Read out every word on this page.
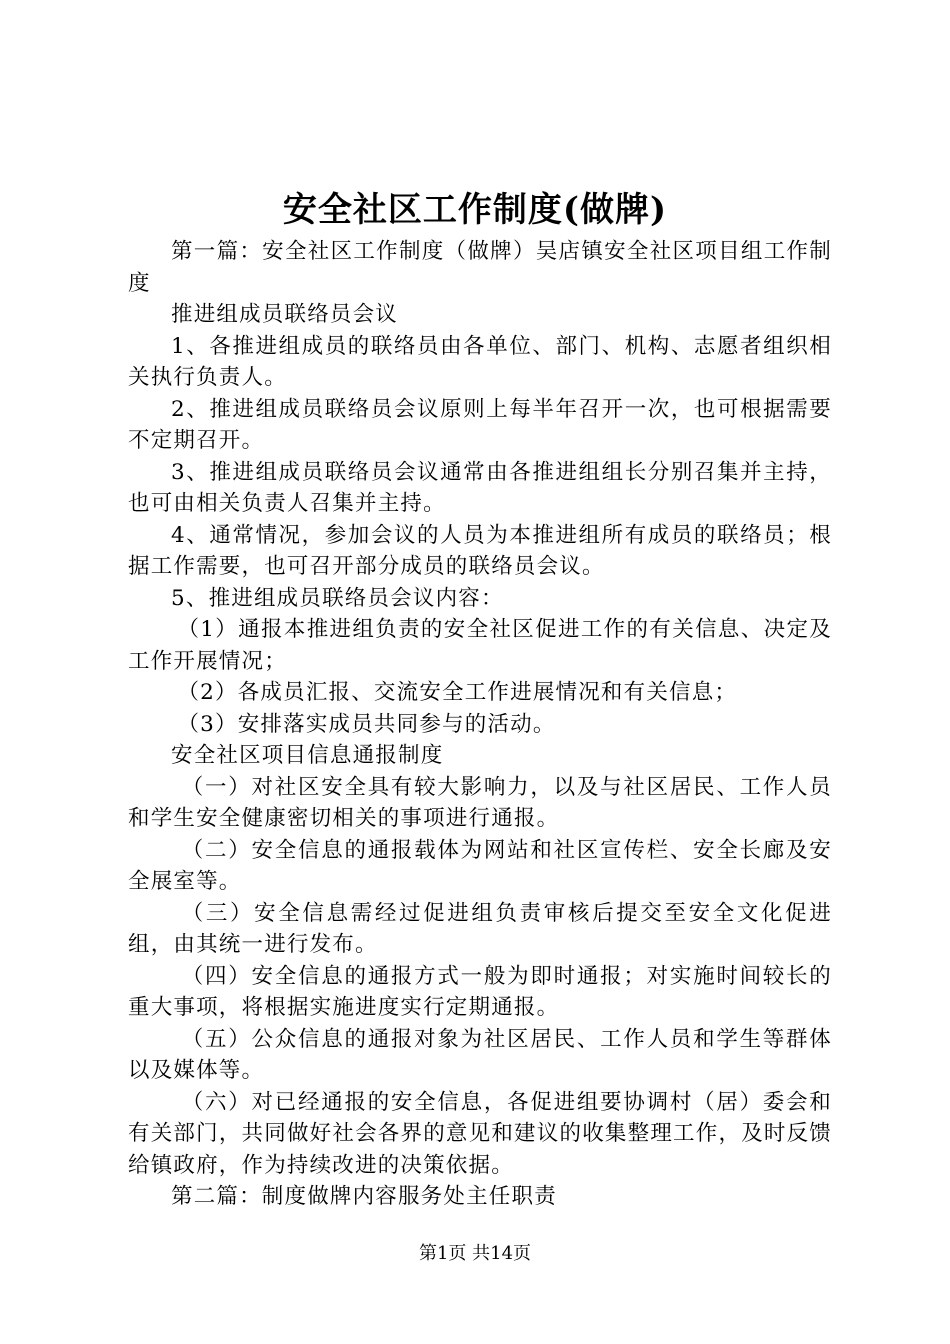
安全社区工作制度(做牌)

第一篇：安全社区工作制度（做牌）吴店镇安全社区项目组工作制度

推进组成员联络员会议

1、各推进组成员的联络员由各单位、部门、机构、志愿者组织相关执行负责人。

2、推进组成员联络员会议原则上每半年召开一次，也可根据需要不定期召开。

3、推进组成员联络员会议通常由各推进组组长分别召集并主持，也可由相关负责人召集并主持。

4、通常情况，参加会议的人员为本推进组所有成员的联络员；根据工作需要，也可召开部分成员的联络员会议。

5、推进组成员联络员会议内容：

（1）通报本推进组负责的安全社区促进工作的有关信息、决定及工作开展情况；

（2）各成员汇报、交流安全工作进展情况和有关信息；

（3）安排落实成员共同参与的活动。

安全社区项目信息通报制度

（一）对社区安全具有较大影响力，以及与社区居民、工作人员和学生安全健康密切相关的事项进行通报。

（二）安全信息的通报载体为网站和社区宣传栏、安全长廊及安全展室等。

（三）安全信息需经过促进组负责审核后提交至安全文化促进组，由其统一进行发布。

（四）安全信息的通报方式一般为即时通报；对实施时间较长的重大事项，将根据实施进度实行定期通报。

（五）公众信息的通报对象为社区居民、工作人员和学生等群体以及媒体等。

（六）对已经通报的安全信息，各促进组要协调村（居）委会和有关部门，共同做好社会各界的意见和建议的收集整理工作，及时反馈给镇政府，作为持续改进的决策依据。

第二篇：制度做牌内容服务处主任职责

第1页 共14页
